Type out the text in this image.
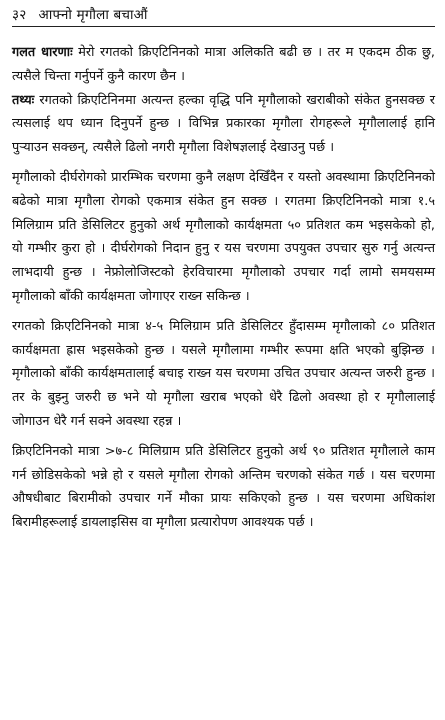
३२ आफ्नो मृगौला बचाऔं

गलत धारणाः मेरो रगतको क्रिएटिनिनको मात्रा अलिकति बढी छ । तर म एकदम ठीक छु, त्यसैले चिन्ता गर्नुपर्ने कुनै कारण छैन ।

तथ्यः रगतको क्रिएटिनिनमा अत्यन्त हल्का वृद्धि पनि मृगौलाको खराबीको संकेत हुनसक्छ र त्यसलाई थप ध्यान दिनुपर्ने हुन्छ । विभिन्न प्रकारका मृगौला रोगहरूले मृगौलालाई हानि पुऱ्याउन सक्छन्, त्यसैले ढिलो नगरी मृगौला विशेषज्ञलाई देखाउनु पर्छ ।

मृगौलाको दीर्घरोगको प्रारम्भिक चरणमा कुनै लक्षण देखिँदैन र यस्तो अवस्थामा क्रिएटिनिनको बढेको मात्रा मृगौला रोगको एकमात्र संकेत हुन सक्छ । रगतमा क्रिएटिनिनको मात्रा १.५ मिलिग्राम प्रति डेसिलिटर हुनुको अर्थ मृगौलाको कार्यक्षमता ५० प्रतिशत कम भइसकेको हो, यो गम्भीर कुरा हो । दीर्घरोगको निदान हुनु र यस चरणमा उपयुक्त उपचार सुरु गर्नु अत्यन्त लाभदायी हुन्छ । नेफ्रोलोजिस्टको हेरविचारमा मृगौलाको उपचार गर्दा लामो समयसम्म मृगौलाको बाँकी कार्यक्षमता जोगाएर राख्न सकिन्छ ।

रगतको क्रिएटिनिनको मात्रा ४-५ मिलिग्राम प्रति डेसिलिटर हुँदासम्म मृगौलाको ८० प्रतिशत कार्यक्षमता ह्रास भइसकेको हुन्छ । यसले मृगौलामा गम्भीर रूपमा क्षति भएको बुझिन्छ । मृगौलाको बाँकी कार्यक्षमतालाई बचाइ राख्न यस चरणमा उचित उपचार अत्यन्त जरुरी हुन्छ । तर के बुझ्नु जरुरी छ भने यो मृगौला खराब भएको धेरै ढिलो अवस्था हो र मृगौलालाई जोगाउन धेरै गर्न सक्ने अवस्था रहन्न ।

क्रिएटिनिनको मात्रा >७-८ मिलिग्राम प्रति डेसिलिटर हुनुको अर्थ ९० प्रतिशत मृगौलाले काम गर्न छोडिसकेको भन्ने हो र यसले मृगौला रोगको अन्तिम चरणको संकेत गर्छ । यस चरणमा औषधीबाट बिरामीको उपचार गर्ने मौका प्रायः सकिएको हुन्छ । यस चरणमा अधिकांश बिरामीहरूलाई डायलाइसिस वा मृगौला प्रत्यारोपण आवश्यक पर्छ ।
